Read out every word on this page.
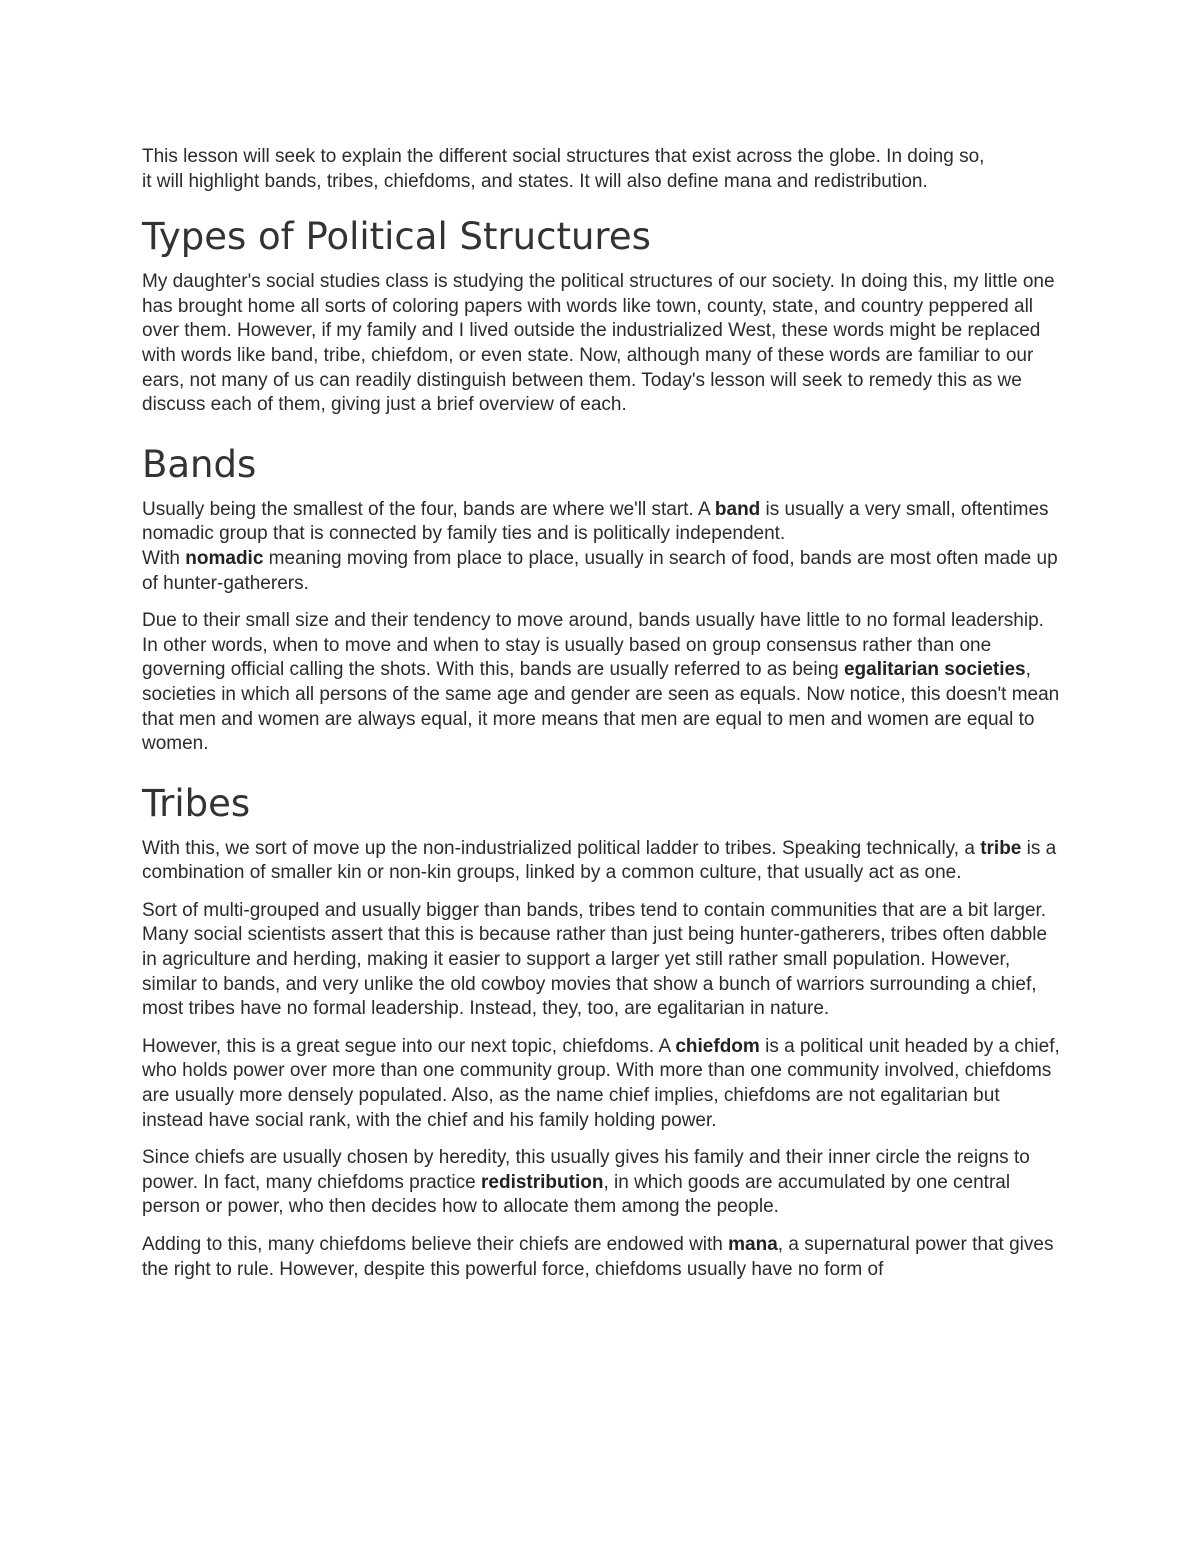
This lesson will seek to explain the different social structures that exist across the globe. In doing so,
it will highlight bands, tribes, chiefdoms, and states. It will also define mana and redistribution.

Types of Political Structures

My daughter's social studies class is studying the political structures of our society. In doing this, my little one has brought home all sorts of coloring papers with words like town, county, state, and country peppered all over them. However, if my family and I lived outside the industrialized West, these words might be replaced with words like band, tribe, chiefdom, or even state. Now, although many of these words are familiar to our ears, not many of us can readily distinguish between them. Today's lesson will seek to remedy this as we discuss each of them, giving just a brief overview of each.

Bands

Usually being the smallest of the four, bands are where we'll start. A band is usually a very small, oftentimes nomadic group that is connected by family ties and is politically independent.
With nomadic meaning moving from place to place, usually in search of food, bands are most often made up of hunter-gatherers.

Due to their small size and their tendency to move around, bands usually have little to no formal leadership. In other words, when to move and when to stay is usually based on group consensus rather than one governing official calling the shots. With this, bands are usually referred to as being egalitarian societies, societies in which all persons of the same age and gender are seen as equals. Now notice, this doesn't mean that men and women are always equal, it more means that men are equal to men and women are equal to women.

Tribes

With this, we sort of move up the non-industrialized political ladder to tribes. Speaking technically, a tribe is a combination of smaller kin or non-kin groups, linked by a common culture, that usually act as one.

Sort of multi-grouped and usually bigger than bands, tribes tend to contain communities that are a bit larger. Many social scientists assert that this is because rather than just being hunter-gatherers, tribes often dabble in agriculture and herding, making it easier to support a larger yet still rather small population. However, similar to bands, and very unlike the old cowboy movies that show a bunch of warriors surrounding a chief, most tribes have no formal leadership. Instead, they, too, are egalitarian in nature.

However, this is a great segue into our next topic, chiefdoms. A chiefdom is a political unit headed by a chief, who holds power over more than one community group. With more than one community involved, chiefdoms are usually more densely populated. Also, as the name chief implies, chiefdoms are not egalitarian but instead have social rank, with the chief and his family holding power.

Since chiefs are usually chosen by heredity, this usually gives his family and their inner circle the reigns to power. In fact, many chiefdoms practice redistribution, in which goods are accumulated by one central person or power, who then decides how to allocate them among the people.

Adding to this, many chiefdoms believe their chiefs are endowed with mana, a supernatural power that gives the right to rule. However, despite this powerful force, chiefdoms usually have no form of
